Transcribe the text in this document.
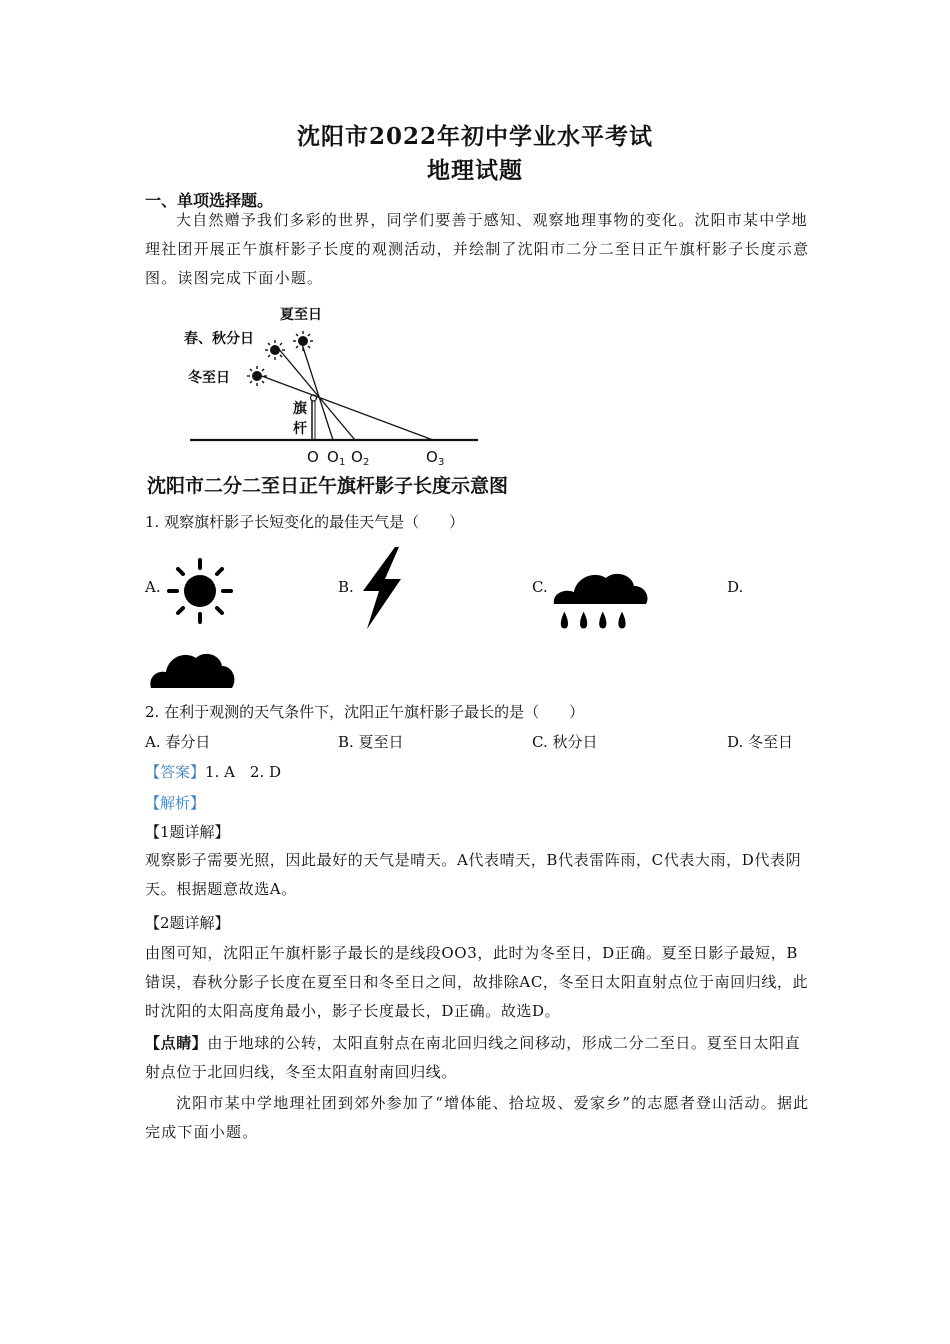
沈阳市2022年初中学业水平考试
地理试题
一、单项选择题。
大自然赠予我们多彩的世界，同学们要善于感知、观察地理事物的变化。沈阳市某中学地理社团开展正午旗杆影子长度的观测活动，并绘制了沈阳市二分二至日正午旗杆影子长度示意图。读图完成下面小题。
夏至日
春、秋分日
冬至日
旗
杆
O O 1 O 2	O 3
沈阳市二分二至日正午旗杆影子长度示意图
1. 观察旗杆影子长短变化的最佳天气是（　　）
A.	B.	C.	D.
2. 在利于观测的天气条件下，沈阳正午旗杆影子最长的是（　　）
A. 春分日	B. 夏至日	C. 秋分日	D. 冬至日
【答案】1. A　2. D
【解析】
【1题详解】
观察影子需要光照，因此最好的天气是晴天。A代表晴天，B代表雷阵雨，C代表大雨，D代表阴天。根据题意故选A。
【2题详解】
由图可知，沈阳正午旗杆影子最长的是线段OO3，此时为冬至日，D正确。夏至日影子最短，B错误，春秋分影子长度在夏至日和冬至日之间，故排除AC，冬至日太阳直射点位于南回归线，此时沈阳的太阳高度角最小，影子长度最长，D正确。故选D。
【点睛】由于地球的公转，太阳直射点在南北回归线之间移动，形成二分二至日。夏至日太阳直射点位于北回归线，冬至太阳直射南回归线。
沈阳市某中学地理社团到郊外参加了“增体能、拾垃圾、爱家乡”的志愿者登山活动。据此完成下面小题。
